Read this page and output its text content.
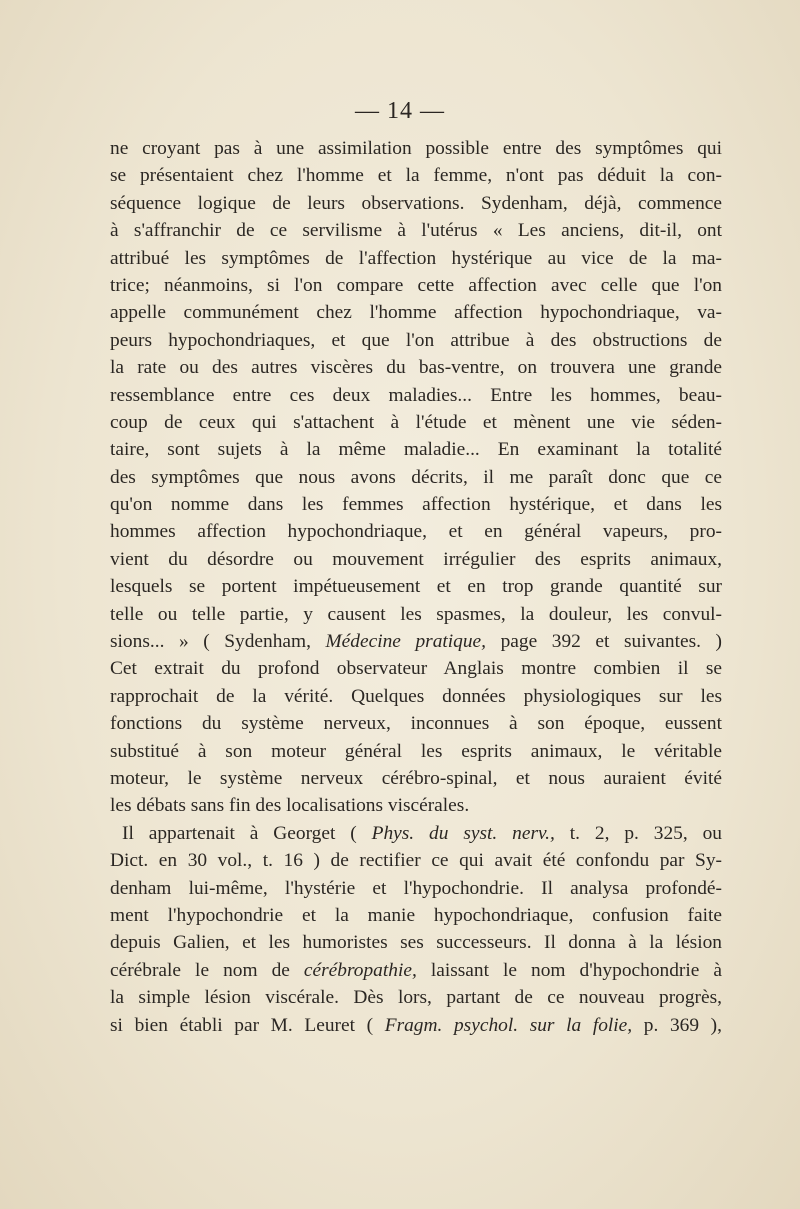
— 14 —
ne croyant pas à une assimilation possible entre des symptômes qui
se présentaient chez l'homme et la femme, n'ont pas déduit la con-
séquence logique de leurs observations. Sydenham, déjà, commence
à s'affranchir de ce servilisme à l'utérus « Les anciens, dit-il, ont
attribué les symptômes de l'affection hystérique au vice de la ma-
trice; néanmoins, si l'on compare cette affection avec celle que l'on
appelle communément chez l'homme affection hypochondriaque, va-
peurs hypochondriaques, et que l'on attribue à des obstructions de
la rate ou des autres viscères du bas-ventre, on trouvera une grande
ressemblance entre ces deux maladies... Entre les hommes, beau-
coup de ceux qui s'attachent à l'étude et mènent une vie séden-
taire, sont sujets à la même maladie... En examinant la totalité
des symptômes que nous avons décrits, il me paraît donc que ce
qu'on nomme dans les femmes affection hystérique, et dans les
hommes affection hypochondriaque, et en général vapeurs, pro-
vient du désordre ou mouvement irrégulier des esprits animaux,
lesquels se portent impétueusement et en trop grande quantité sur
telle ou telle partie, y causent les spasmes, la douleur, les convul-
sions... » ( Sydenham, Médecine pratique, page 392 et suivantes. )
Cet extrait du profond observateur Anglais montre combien il se
rapprochait de la vérité. Quelques données physiologiques sur les
fonctions du système nerveux, inconnues à son époque, eussent
substitué à son moteur général les esprits animaux, le véritable
moteur, le système nerveux cérébro-spinal, et nous auraient évité
les débats sans fin des localisations viscérales.
Il appartenait à Georget ( Phys. du syst. nerv., t. 2, p. 325, ou
Dict. en 30 vol., t. 16 ) de rectifier ce qui avait été confondu par Sy-
denham lui-même, l'hystérie et l'hypochondrie. Il analysa profondé-
ment l'hypochondrie et la manie hypochondriaque, confusion faite
depuis Galien, et les humoristes ses successeurs. Il donna à la lésion
cérébrale le nom de cérébropathie, laissant le nom d'hypochondrie à
la simple lésion viscérale. Dès lors, partant de ce nouveau progrès,
si bien établi par M. Leuret ( Fragm. psychol. sur la folie, p. 369 ),
